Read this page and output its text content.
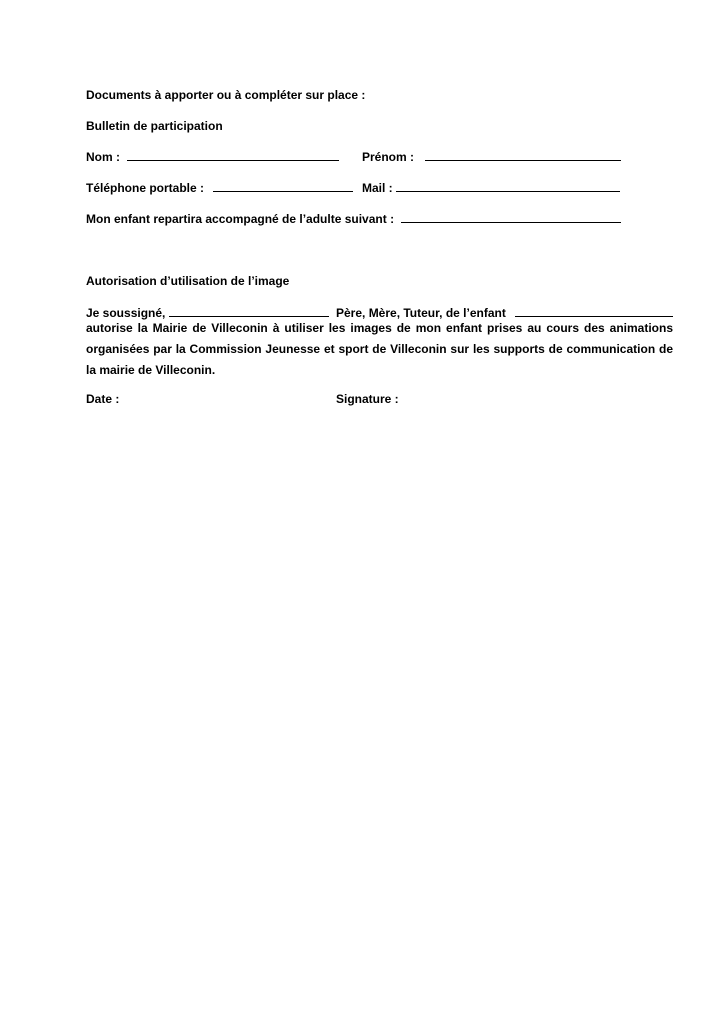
Documents à apporter ou à compléter sur place :
Bulletin de participation
Nom :	Prénom :
Téléphone portable :	Mail :
Mon enfant repartira accompagné de l’adulte suivant :
Autorisation d’utilisation de l’image
Je soussigné,	Père, Mère, Tuteur, de l’enfant
autorise la Mairie de Villeconin à utiliser les images de mon enfant prises au cours des animations organisées par la Commission Jeunesse et sport de Villeconin sur les supports de communication de la mairie de Villeconin.
Date :	Signature :
